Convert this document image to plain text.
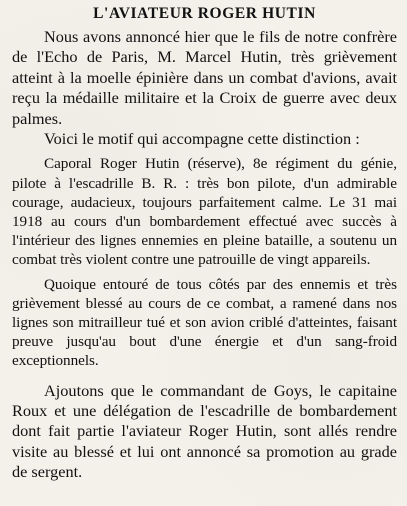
L'AVIATEUR ROGER HUTIN

Nous avons annoncé hier que le fils de notre confrère de l'Echo de Paris, M. Marcel Hutin, très grièvement atteint à la moelle épinière dans un combat d'avions, avait reçu la médaille militaire et la Croix de guerre avec deux palmes.

Voici le motif qui accompagne cette distinction :

Caporal Roger Hutin (réserve), 8e régiment du génie, pilote à l'escadrille B. R. : très bon pilote, d'un admirable courage, audacieux, toujours parfaitement calme. Le 31 mai 1918 au cours d'un bombardement effectué avec succès à l'intérieur des lignes ennemies en pleine bataille, a soutenu un combat très violent contre une patrouille de vingt appareils.

Quoique entouré de tous côtés par des ennemis et très grièvement blessé au cours de ce combat, a ramené dans nos lignes son mitrailleur tué et son avion criblé d'atteintes, faisant preuve jusqu'au bout d'une énergie et d'un sang-froid exceptionnels.

Ajoutons que le commandant de Goys, le capitaine Roux et une délégation de l'escadrille de bombardement dont fait partie l'aviateur Roger Hutin, sont allés rendre visite au blessé et lui ont annoncé sa promotion au grade de sergent.
